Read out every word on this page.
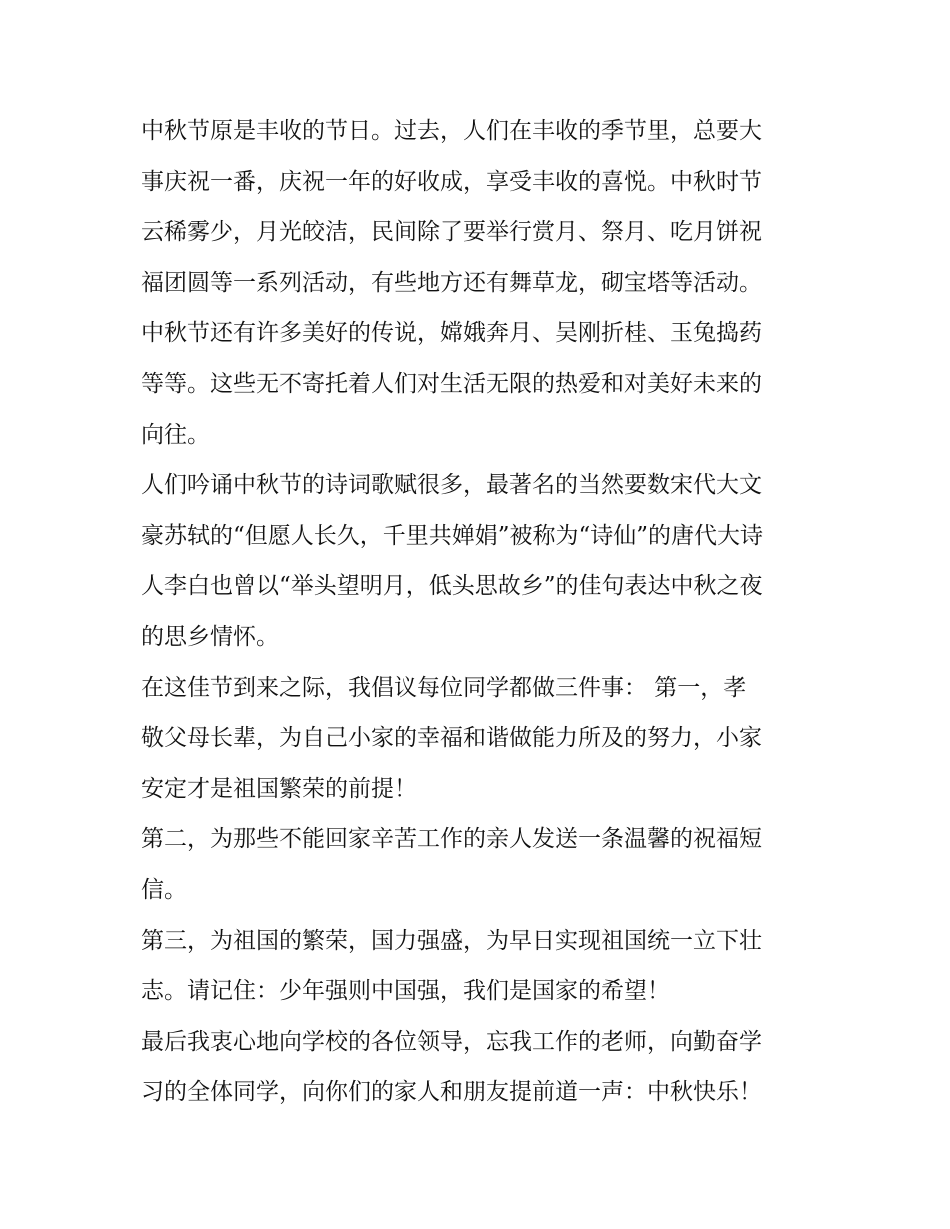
中秋节原是丰收的节日。过去，人们在丰收的季节里，总要大
事庆祝一番，庆祝一年的好收成，享受丰收的喜悦。中秋时节
云稀雾少，月光皎洁，民间除了要举行赏月、祭月、吃月饼祝
福团圆等一系列活动，有些地方还有舞草龙，砌宝塔等活动。
中秋节还有许多美好的传说，嫦娥奔月、吴刚折桂、玉兔捣药
等等。这些无不寄托着人们对生活无限的热爱和对美好未来的
向往。

人们吟诵中秋节的诗词歌赋很多，最著名的当然要数宋代大文
豪苏轼的“但愿人长久，千里共婵娟”被称为“诗仙”的唐代大诗
人李白也曾以“举头望明月，低头思故乡”的佳句表达中秋之夜
的思乡情怀。

在这佳节到来之际，我倡议每位同学都做三件事： 第一，孝
敬父母长辈，为自己小家的幸福和谐做能力所及的努力，小家
安定才是祖国繁荣的前提！

第二，为那些不能回家辛苦工作的亲人发送一条温馨的祝福短
信。

第三，为祖国的繁荣，国力强盛，为早日实现祖国统一立下壮
志。请记住：少年强则中国强，我们是国家的希望！

最后我衷心地向学校的各位领导，忘我工作的老师，向勤奋学
习的全体同学，向你们的家人和朋友提前道一声：中秋快乐！
